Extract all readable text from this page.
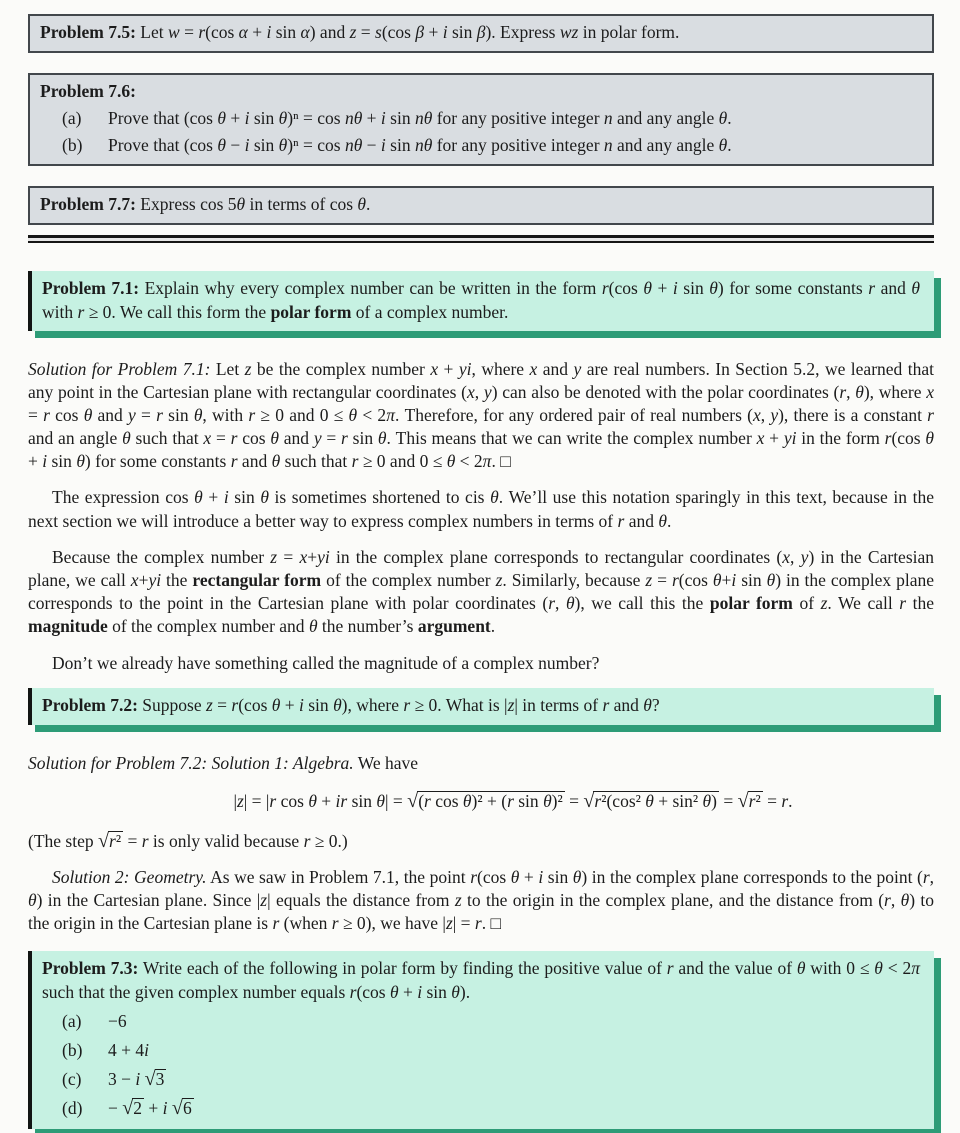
Problem 7.5: Let w = r(cos α + i sin α) and z = s(cos β + i sin β). Express wz in polar form.

Problem 7.6:

(a)	Prove that (cos θ + i sin θ)ⁿ = cos nθ + i sin nθ for any positive integer n and any angle θ.
(b)	Prove that (cos θ − i sin θ)ⁿ = cos nθ − i sin nθ for any positive integer n and any angle θ.

Problem 7.7: Express cos 5θ in terms of cos θ.

Problem 7.1: Explain why every complex number can be written in the form r(cos θ + i sin θ) for some constants r and θ with r ≥ 0. We call this form the polar form of a complex number.

Solution for Problem 7.1: Let z be the complex number x + yi, where x and y are real numbers. In Section 5.2, we learned that any point in the Cartesian plane with rectangular coordinates (x, y) can also be denoted with the polar coordinates (r, θ), where x = r cos θ and y = r sin θ, with r ≥ 0 and 0 ≤ θ < 2π. Therefore, for any ordered pair of real numbers (x, y), there is a constant r and an angle θ such that x = r cos θ and y = r sin θ. This means that we can write the complex number x + yi in the form r(cos θ + i sin θ) for some constants r and θ such that r ≥ 0 and 0 ≤ θ < 2π. □

The expression cos θ + i sin θ is sometimes shortened to cis θ. We’ll use this notation sparingly in this text, because in the next section we will introduce a better way to express complex numbers in terms of r and θ.

Because the complex number z = x+yi in the complex plane corresponds to rectangular coordinates (x, y) in the Cartesian plane, we call x+yi the rectangular form of the complex number z. Similarly, because z = r(cos θ+i sin θ) in the complex plane corresponds to the point in the Cartesian plane with polar coordinates (r, θ), we call this the polar form of z. We call r the magnitude of the complex number and θ the number’s argument.

Don’t we already have something called the magnitude of a complex number?

Problem 7.2: Suppose z = r(cos θ + i sin θ), where r ≥ 0. What is |z| in terms of r and θ?

Solution for Problem 7.2: Solution 1: Algebra. We have

|z| = |r cos θ + ir sin θ| = √(r cos θ)² + (r sin θ)² = √r²(cos² θ + sin² θ) = √r² = r.

(The step √r² = r is only valid because r ≥ 0.)

Solution 2: Geometry. As we saw in Problem 7.1, the point r(cos θ + i sin θ) in the complex plane corresponds to the point (r, θ) in the Cartesian plane. Since |z| equals the distance from z to the origin in the complex plane, and the distance from (r, θ) to the origin in the Cartesian plane is r (when r ≥ 0), we have |z| = r. □

Problem 7.3: Write each of the following in polar form by finding the positive value of r and the value of θ with 0 ≤ θ < 2π such that the given complex number equals r(cos θ + i sin θ).

(a)	−6
(b)	4 + 4i
(c)	3 − i √3
(d)	− √2 + i √6
